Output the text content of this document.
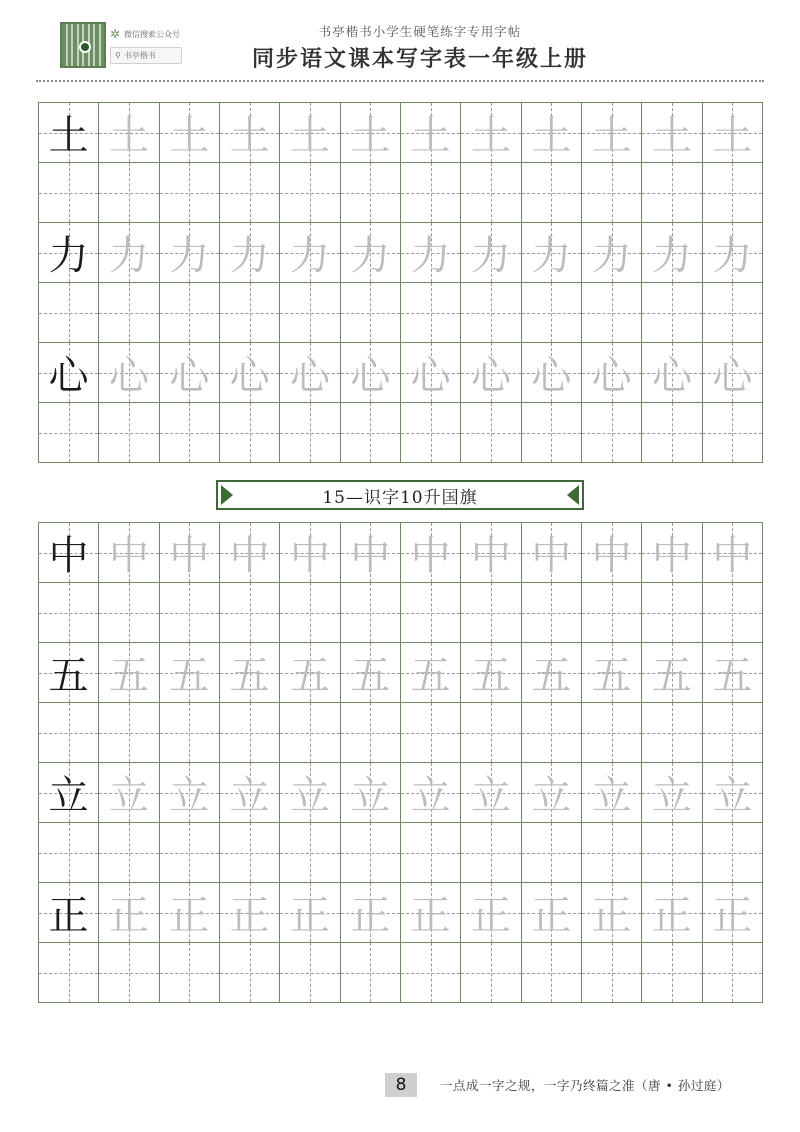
✲ 微信搜索公众号
⚲ 书亭楷书
书亭楷书小学生硬笔练字专用字帖
同步语文课本写字表一年级上册
土 土 土 土 土 土 土 土 土 土 土 土
力 力 力 力 力 力 力 力 力 力 力 力
心 心 心 心 心 心 心 心 心 心 心 心
15—识字10升国旗
中 中 中 中 中 中 中 中 中 中 中 中
五 五 五 五 五 五 五 五 五 五 五 五
立 立 立 立 立 立 立 立 立 立 立 立
正 正 正 正 正 正 正 正 正 正 正 正
8	一点成一字之规，一字乃终篇之准（唐 • 孙过庭）
